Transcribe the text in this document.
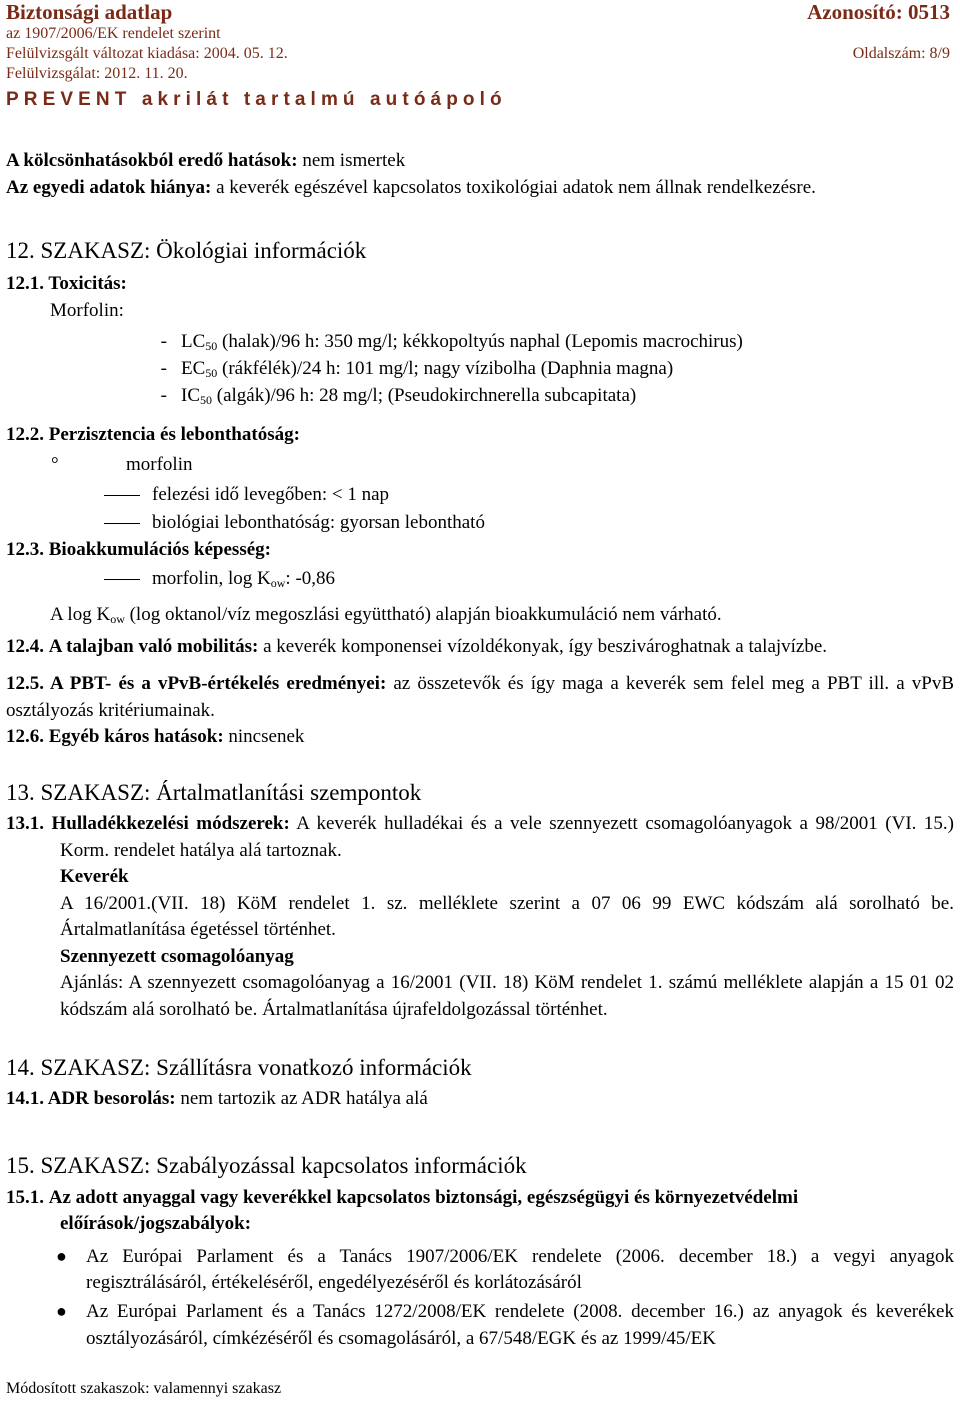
Biztonsági adatlap	Azonosító: 0513
az 1907/2006/EK rendelet szerint
Felülvizsgált változat kiadása: 2004. 05. 12.	Oldalszám: 8/9
Felülvizsgálat: 2012. 11. 20.
PREVENT akrilát tartalmú autóápoló

A kölcsönhatásokból eredő hatások: nem ismertek

Az egyedi adatok hiánya: a keverék egészével kapcsolatos toxikológiai adatok nem állnak rendelkezésre.

12. SZAKASZ: Ökológiai információk

12.1. Toxicitás:

Morfolin:

- $LC_{50}$ (halak)/96 h: 350 mg/l; kékkopoltyús naphal (Lepomis macrochirus)
- $EC_{50}$ (rákfélék)/24 h: 101 mg/l; nagy vízibolha (Daphnia magna)
- $IC_{50}$ (algák)/96 h: 28 mg/l; (Pseudokirchnerella subcapitata)

12.2. Perzisztencia és lebonthatóság:

°	morfolin
felezési idő levegőben: < 1 nap
biológiai lebonthatóság: gyorsan lebontható

12.3. Bioakkumulációs képesség:

morfolin, $\log K_{ow}$: -0,86

A $\log K_{ow}$ (log oktanol/víz megoszlási együttható) alapján bioakkumuláció nem várható.

12.4. A talajban való mobilitás: a keverék komponensei vízoldékonyak, így beszivároghatnak a talajvízbe.

12.5. A PBT- és a vPvB-értékelés eredményei: az összetevők és így maga a keverék sem felel meg a PBT ill. a vPvB osztályozás kritériumainak.

12.6. Egyéb káros hatások: nincsenek

13. SZAKASZ: Ártalmatlanítási szempontok

13.1. Hulladékkezelési módszerek: A keverék hulladékai és a vele szennyezett csomagolóanyagok a 98/2001 (VI. 15.) Korm. rendelet hatálya alá tartoznak.

Keverék

A 16/2001.(VII. 18) KöM rendelet 1. sz. melléklete szerint a 07 06 99 EWC kódszám alá sorolható be. Ártalmatlanítása égetéssel történhet.

Szennyezett csomagolóanyag

Ajánlás: A szennyezett csomagolóanyag a 16/2001 (VII. 18) KöM rendelet 1. számú melléklete alapján a 15 01 02 kódszám alá sorolható be. Ártalmatlanítása újrafeldolgozással történhet.

14. SZAKASZ: Szállításra vonatkozó információk

14.1. ADR besorolás: nem tartozik az ADR hatálya alá

15. SZAKASZ: Szabályozással kapcsolatos információk

15.1. Az adott anyaggal vagy keverékkel kapcsolatos biztonsági, egészségügyi és környezetvédelmi előírások/jogszabályok:

●	Az Európai Parlament és a Tanács 1907/2006/EK rendelete (2006. december 18.) a vegyi anyagok regisztrálásáról, értékeléséről, engedélyezéséről és korlátozásáról
●	Az Európai Parlament és a Tanács 1272/2008/EK rendelete (2008. december 16.) az anyagok és keverékek osztályozásáról, címkézéséről és csomagolásáról, a 67/548/EGK és az 1999/45/EK
Módosított szakaszok: valamennyi szakasz
